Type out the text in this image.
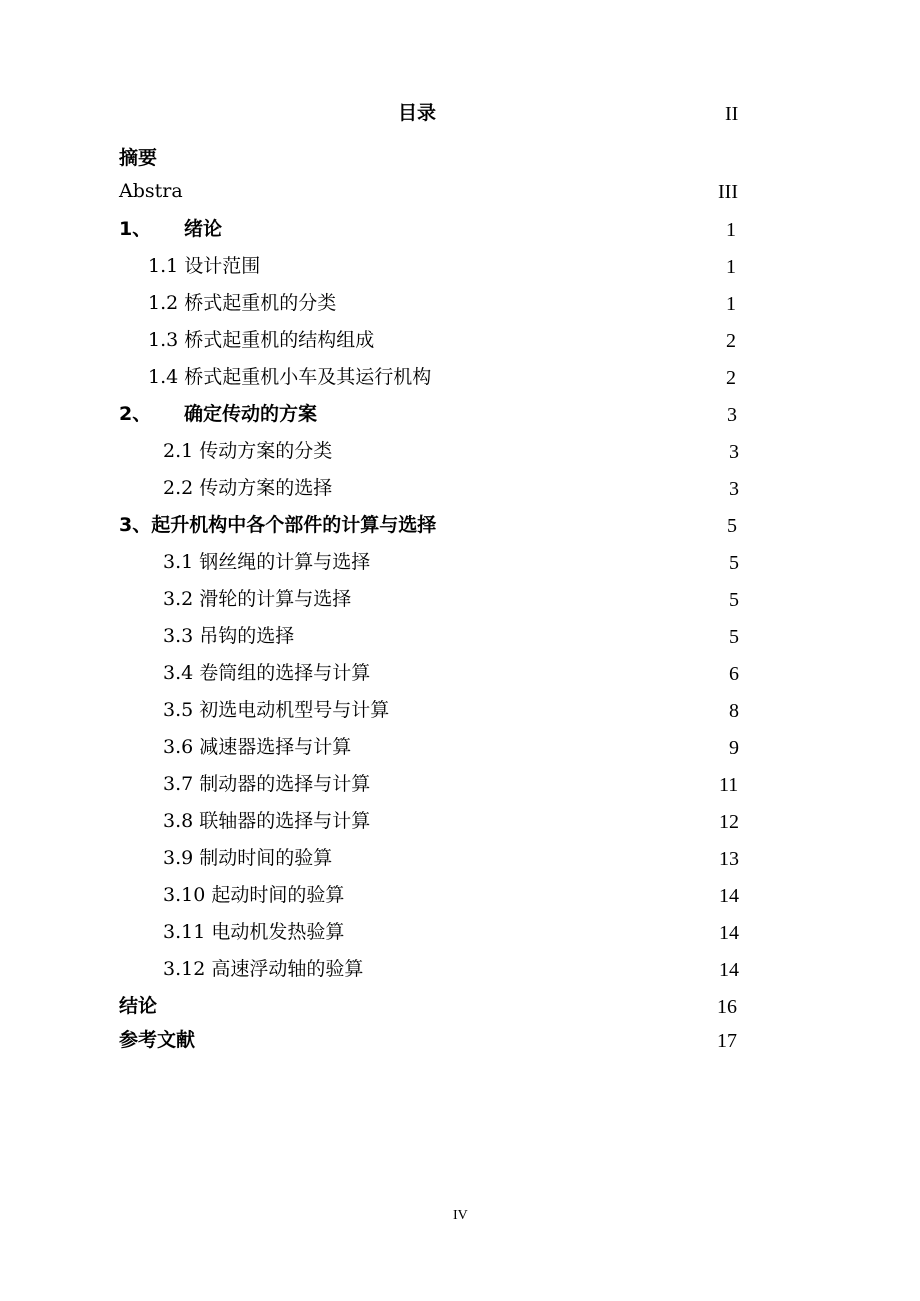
目录	II
摘要
Abstra	III
1、 绪论	1
1.1 设计范围	1
1.2 桥式起重机的分类	1
1.3 桥式起重机的结构组成	2
1.4 桥式起重机小车及其运行机构	2
2、 确定传动的方案	3
2.1 传动方案的分类	3
2.2 传动方案的选择	3
3、起升机构中各个部件的计算与选择	5
3.1 钢丝绳的计算与选择	5
3.2 滑轮的计算与选择	5
3.3 吊钩的选择	5
3.4 卷筒组的选择与计算	6
3.5 初选电动机型号与计算	8
3.6 减速器选择与计算	9
3.7 制动器的选择与计算	11
3.8 联轴器的选择与计算	12
3.9 制动时间的验算	13
3.10 起动时间的验算	14
3.11 电动机发热验算	14
3.12 高速浮动轴的验算	14
结论	16
参考文献	17
IV
